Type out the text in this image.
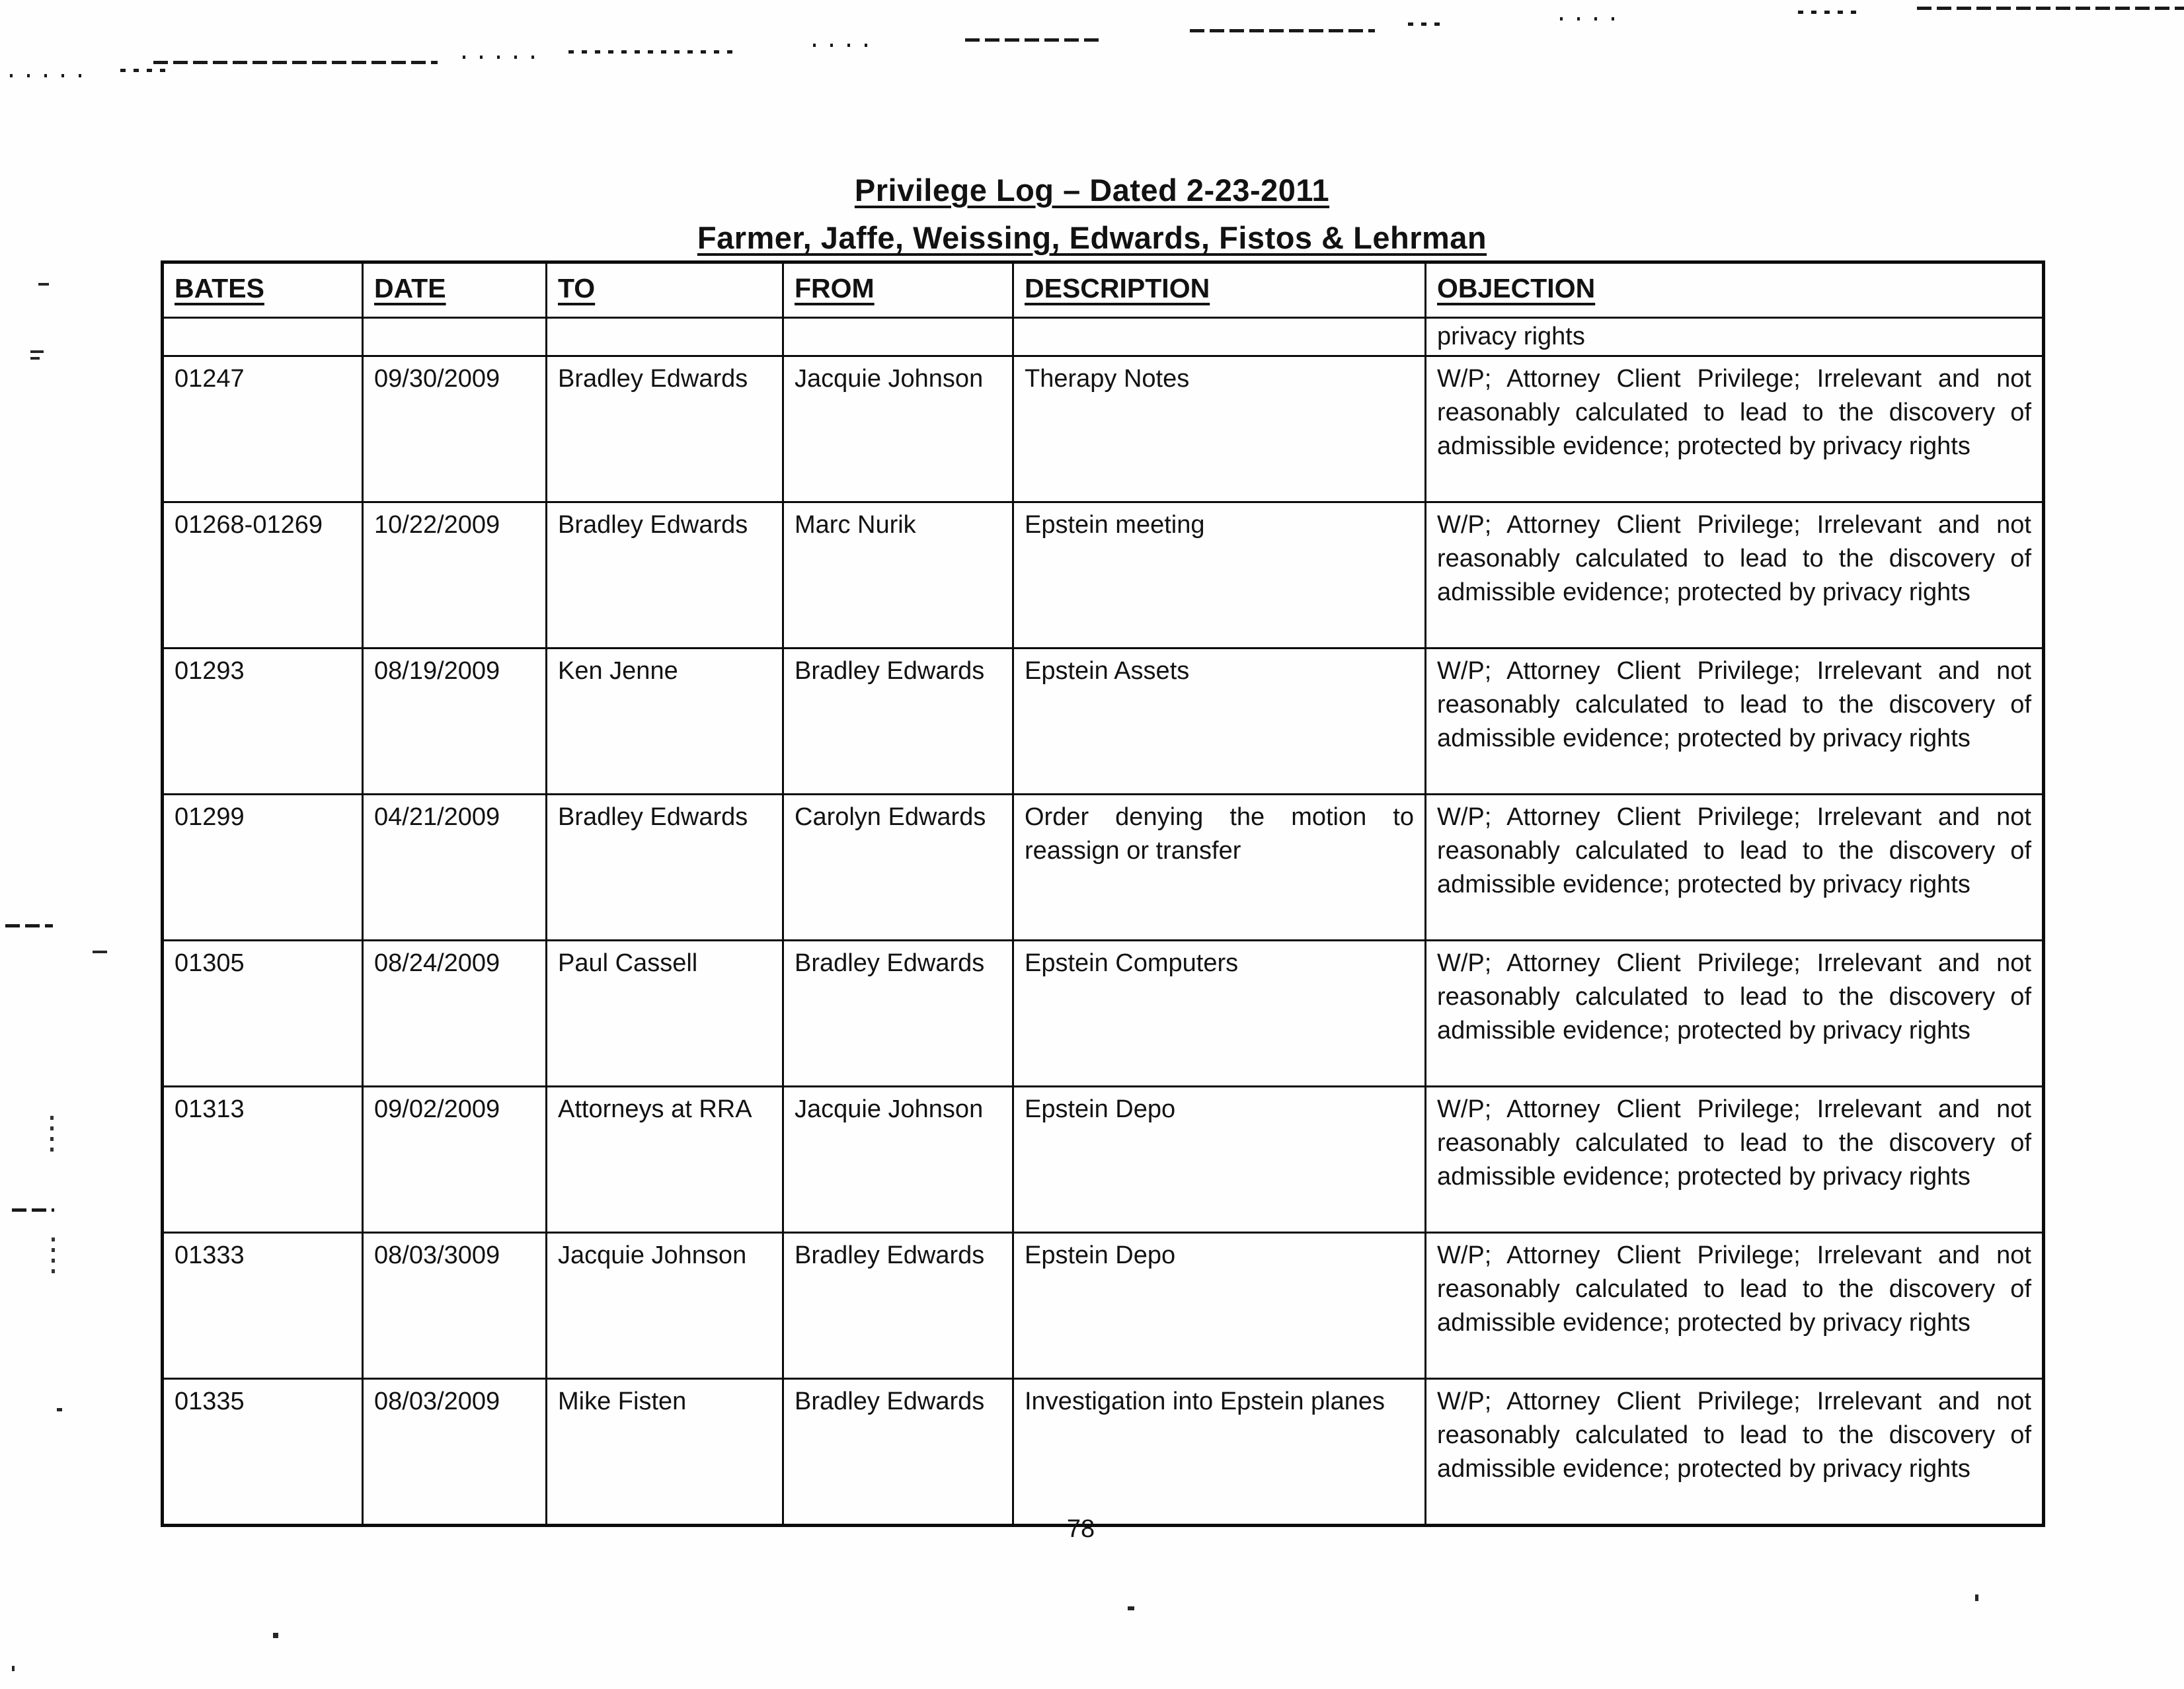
Privilege Log – Dated 2-23-2011
Farmer, Jaffe, Weissing, Edwards, Fistos & Lehrman
BATES	DATE	TO	FROM	DESCRIPTION	OBJECTION
					privacy rights
01247	09/30/2009	Bradley Edwards	Jacquie Johnson	Therapy Notes	W/P; Attorney Client Privilege; Irrelevant and not reasonably calculated to lead to the discovery of admissible evidence; protected by privacy rights
01268-01269	10/22/2009	Bradley Edwards	Marc Nurik	Epstein meeting	W/P; Attorney Client Privilege; Irrelevant and not reasonably calculated to lead to the discovery of admissible evidence; protected by privacy rights
01293	08/19/2009	Ken Jenne	Bradley Edwards	Epstein Assets	W/P; Attorney Client Privilege; Irrelevant and not reasonably calculated to lead to the discovery of admissible evidence; protected by privacy rights
01299	04/21/2009	Bradley Edwards	Carolyn Edwards	Order denying the motion to reassign or transfer	W/P; Attorney Client Privilege; Irrelevant and not reasonably calculated to lead to the discovery of admissible evidence; protected by privacy rights
01305	08/24/2009	Paul Cassell	Bradley Edwards	Epstein Computers	W/P; Attorney Client Privilege; Irrelevant and not reasonably calculated to lead to the discovery of admissible evidence; protected by privacy rights
01313	09/02/2009	Attorneys at RRA	Jacquie Johnson	Epstein Depo	W/P; Attorney Client Privilege; Irrelevant and not reasonably calculated to lead to the discovery of admissible evidence; protected by privacy rights
01333	08/03/3009	Jacquie Johnson	Bradley Edwards	Epstein Depo	W/P; Attorney Client Privilege; Irrelevant and not reasonably calculated to lead to the discovery of admissible evidence; protected by privacy rights
01335	08/03/2009	Mike Fisten	Bradley Edwards	Investigation into Epstein planes	W/P; Attorney Client Privilege; Irrelevant and not reasonably calculated to lead to the discovery of admissible evidence; protected by privacy rights
78
